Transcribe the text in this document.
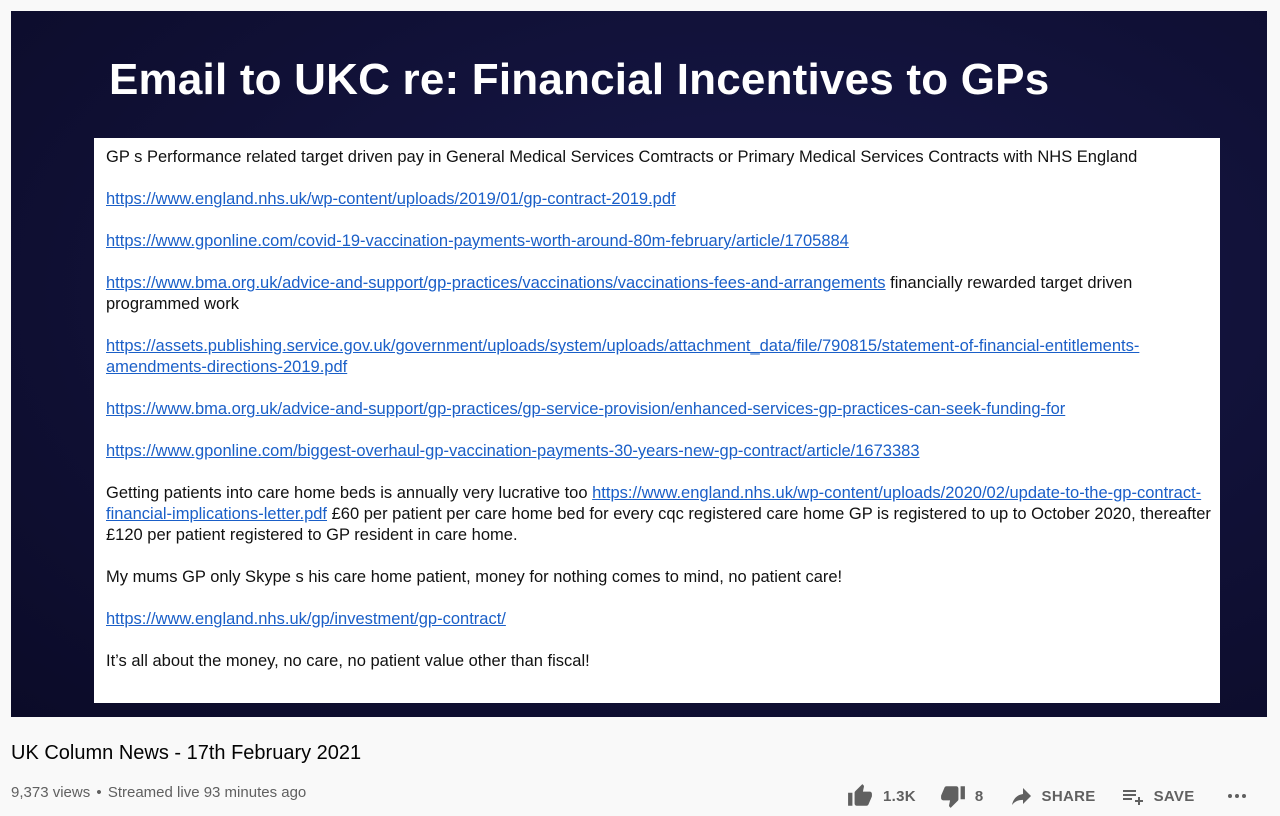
Email to UKC re: Financial Incentives to GPs
GP s Performance related target driven pay in General Medical Services Comtracts or Primary Medical Services Contracts with NHS England
https://www.england.nhs.uk/wp-content/uploads/2019/01/gp-contract-2019.pdf
https://www.gponline.com/covid-19-vaccination-payments-worth-around-80m-february/article/1705884
https://www.bma.org.uk/advice-and-support/gp-practices/vaccinations/vaccinations-fees-and-arrangements financially rewarded target driven programmed work
https://assets.publishing.service.gov.uk/government/uploads/system/uploads/attachment_data/file/790815/statement-of-financial-entitlements-amendments-directions-2019.pdf
https://www.bma.org.uk/advice-and-support/gp-practices/gp-service-provision/enhanced-services-gp-practices-can-seek-funding-for
https://www.gponline.com/biggest-overhaul-gp-vaccination-payments-30-years-new-gp-contract/article/1673383
Getting patients into care home beds is annually very lucrative too https://www.england.nhs.uk/wp-content/uploads/2020/02/update-to-the-gp-contract-financial-implications-letter.pdf £60 per patient per care home bed for every cqc registered care home GP is registered to up to October 2020, thereafter £120 per patient registered to GP resident in care home.
My mums GP only Skype s his care home patient, money for nothing comes to mind, no patient care!
https://www.england.nhs.uk/gp/investment/gp-contract/
It’s all about the money, no care, no patient value other than fiscal!
UK Column News - 17th February 2021
9,373 views • Streamed live 93 minutes ago	1.3K	8	SHARE	SAVE
